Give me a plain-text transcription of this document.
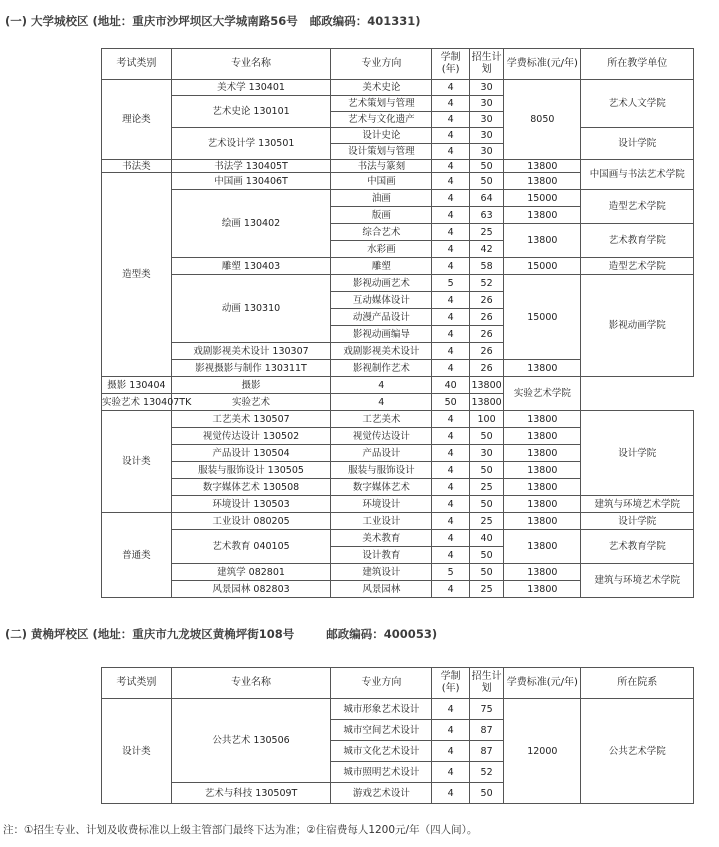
(一) 大学城校区 (地址：重庆市沙坪坝区大学城南路56号   邮政编码：401331)
考试类别	专业名称	专业方向	学制(年)	招生计划	学费标准(元/年)	所在教学单位
理论类	美术学 130401	美术史论	4	30	8050	艺术人文学院
	艺术史论 130101	艺术策划与管理	4	30		
		艺术与文化遗产	4	30		
	艺术设计学 130501	设计史论	4	30		设计学院
		设计策划与管理	4	30		
书法类	书法学 130405T	书法与篆刻	4	50	13800	中国画与书法艺术学院
造型类	中国画 130406T	中国画	4	50	13800	
	绘画 130402	油画	4	64	15000	造型艺术学院
		版画	4	63	13800	
		综合艺术	4	25	13800	艺术教育学院
		水彩画	4	42		
	雕塑 130403	雕塑	4	58	15000	造型艺术学院
	动画 130310	影视动画艺术	5	52	15000	影视动画学院
		互动媒体设计	4	26		
		动漫产品设计	4	26		
		影视动画编导	4	26		
	戏剧影视美术设计 130307	戏剧影视美术设计	4	26		
	影视摄影与制作 130311T	影视制作艺术	4	26	13800	
摄影 130404	摄影	4	40	13800	实验艺术学院	
实验艺术 130407TK	实验艺术	4	50	13800		
设计类	工艺美术 130507	工艺美术	4	100	13800	设计学院
	视觉传达设计 130502	视觉传达设计	4	50	13800	
	产品设计 130504	产品设计	4	30	13800	
	服装与服饰设计 130505	服装与服饰设计	4	50	13800	
	数字媒体艺术 130508	数字媒体艺术	4	25	13800	
	环境设计 130503	环境设计	4	50	13800	建筑与环境艺术学院
普通类	工业设计 080205	工业设计	4	25	13800	设计学院
	艺术教育 040105	美术教育	4	40	13800	艺术教育学院
		设计教育	4	50		
	建筑学 082801	建筑设计	5	50	13800	建筑与环境艺术学院
	风景园林 082803	风景园林	4	25	13800	
(二) 黄桷坪校区 (地址：重庆市九龙坡区黄桷坪街108号        邮政编码：400053)
考试类别	专业名称	专业方向	学制(年)	招生计划	学费标准(元/年)	所在院系
设计类	公共艺术 130506	城市形象艺术设计	4	75	12000	公共艺术学院
		城市空间艺术设计	4	87		
		城市文化艺术设计	4	87		
		城市照明艺术设计	4	52		
	艺术与科技 130509T	游戏艺术设计	4	50		
注：①招生专业、计划及收费标准以上级主管部门最终下达为准；②住宿费每人1200元/年（四人间）。
